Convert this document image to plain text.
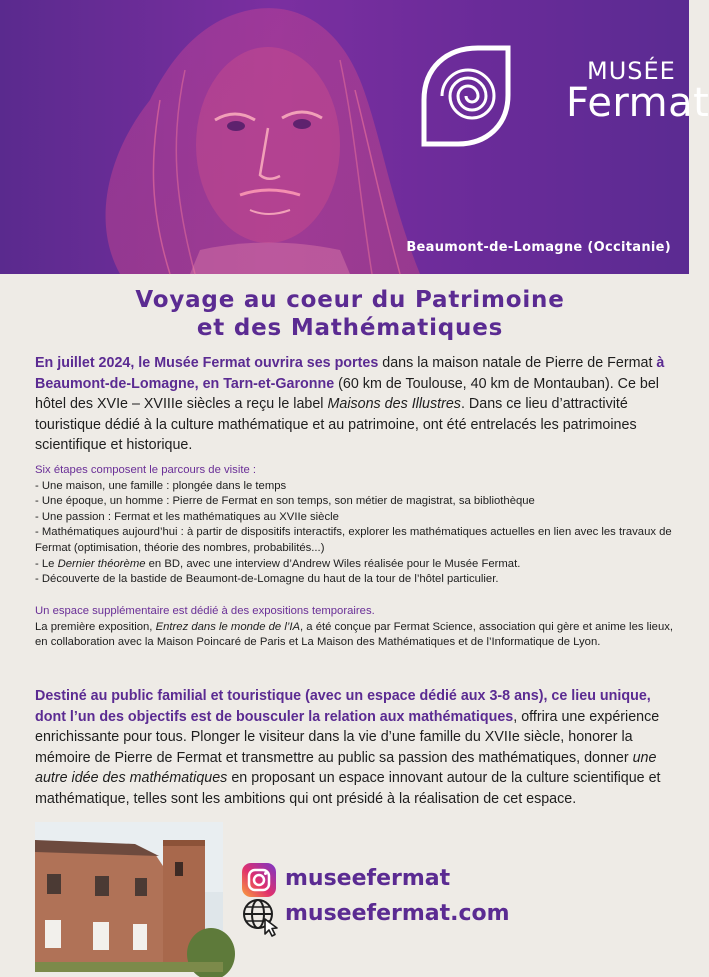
MUSÉE
Fermat
Beaumont-de-Lomagne (Occitanie)
Voyage au coeur du Patrimoine
et des Mathématiques
En juillet 2024, le Musée Fermat ouvrira ses portes dans la maison natale de Pierre de Fermat à Beaumont-de-Lomagne, en Tarn-et-Garonne (60 km de Toulouse, 40 km de Montauban). Ce bel hôtel des XVIe – XVIIIe siècles a reçu le label Maisons des Illustres. Dans ce lieu d’attractivité touristique dédié à la culture mathématique et au patrimoine, ont été entrelacés les patrimoines scientifique et historique.
Six étapes composent le parcours de visite :
- Une maison, une famille : plongée dans le temps
- Une époque, un homme : Pierre de Fermat en son temps, son métier de magistrat, sa bibliothèque
- Une passion : Fermat et les mathématiques au XVIIe siècle
- Mathématiques aujourd’hui : à partir de dispositifs interactifs, explorer les mathématiques actuelles en lien avec les travaux de Fermat (optimisation, théorie des nombres, probabilités...)
- Le Dernier théorème en BD, avec une interview d’Andrew Wiles réalisée pour le Musée Fermat.
- Découverte de la bastide de Beaumont-de-Lomagne du haut de la tour de l’hôtel particulier.
Un espace supplémentaire est dédié à des expositions temporaires.
La première exposition, Entrez dans le monde de l’IA, a été conçue par Fermat Science, association qui gère et anime les lieux, en collaboration avec la Maison Poincaré de Paris et La Maison des Mathématiques et de l’Informatique de Lyon.
Destiné au public familial et touristique (avec un espace dédié aux 3-8 ans), ce lieu unique, dont l’un des objectifs est de bousculer la relation aux mathématiques, offrira une expérience enrichissante pour tous. Plonger le visiteur dans la vie d’une famille du XVIIe siècle, honorer la mémoire de Pierre de Fermat et transmettre au public sa passion des mathématiques, donner une autre idée des mathématiques en proposant un espace innovant autour de la culture scientifique et mathématique, telles sont les ambitions qui ont présidé à la réalisation de cet espace.
museefermat
museefermat.com
